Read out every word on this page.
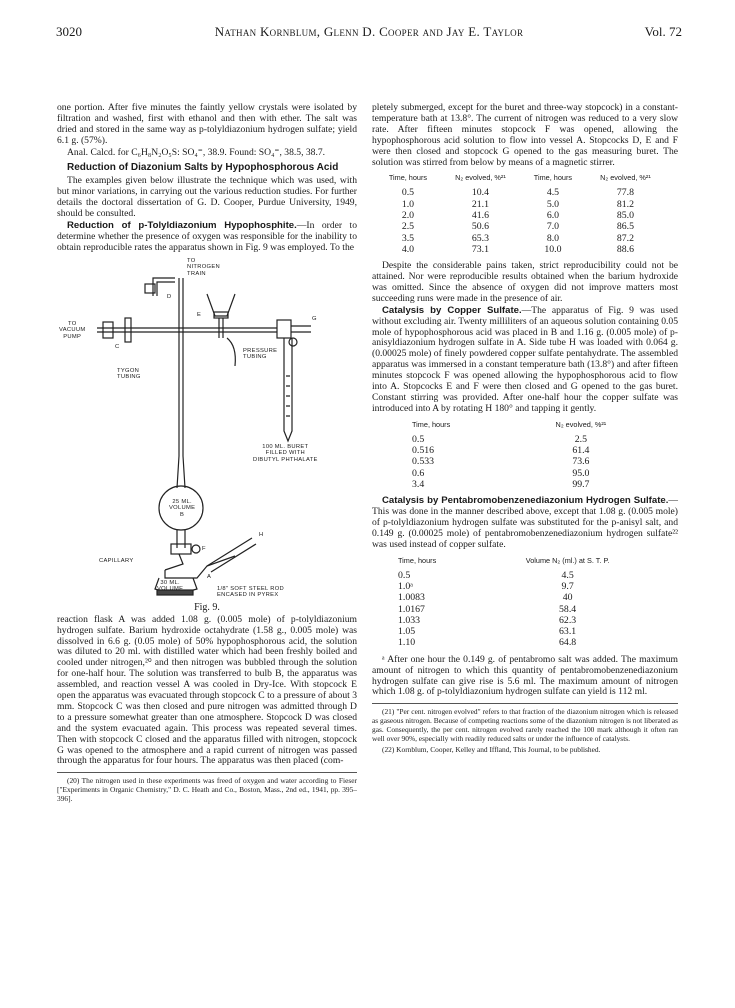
3020	Nathan Kornblum, Glenn D. Cooper and Jay E. Taylor	Vol. 72

one portion. After five minutes the faintly yellow crystals were isolated by filtration and washed, first with ethanol and then with ether. The salt was dried and stored in the same way as p-tolyldiazonium hydrogen sulfate; yield 6.1 g. (57%).

Anal. Calcd. for C₆H₈N₂O₅S: SO₄⁼, 38.9. Found: SO₄⁼, 38.5, 38.7.

Reduction of Diazonium Salts by Hypophosphorous Acid

The examples given below illustrate the technique which was used, with but minor variations, in carrying out the various reduction studies. For further details the doctoral dissertation of G. D. Cooper, Purdue University, 1949, should be consulted.

Reduction of p-Tolyldiazonium Hypophosphite.—In order to determine whether the presence of oxygen was responsible for the inability to obtain reproducible rates the apparatus shown in Fig. 9 was employed. To the

TO
NITROGEN
TRAIN
D
E
G
TO
VACUUM
PUMP
C
PRESSURE
TUBING
TYGON
TUBING
100 ML. BURET
FILLED WITH
DIBUTYL PHTHALATE
25 ML.
VOLUME
B
F
CAPILLARY
H
A
30 ML.
VOLUME	1/8" SOFT STEEL ROD
ENCASED IN PYREX

Fig. 9.

reaction flask A was added 1.08 g. (0.005 mole) of p-tolyldiazonium hydrogen sulfate. Barium hydroxide octahydrate (1.58 g., 0.005 mole) was dissolved in 6.6 g. (0.05 mole) of 50% hypophosphorous acid, the solution was diluted to 20 ml. with distilled water which had been freshly boiled and cooled under nitrogen,²⁰ and then nitrogen was bubbled through the solution for one-half hour. The solution was transferred to bulb B, the apparatus was assembled, and reaction vessel A was cooled in Dry-Ice. With stopcock E open the apparatus was evacuated through stopcock C to a pressure of about 3 mm. Stopcock C was then closed and pure nitrogen was admitted through D to a pressure somewhat greater than one atmosphere. Stopcock D was closed and the system evacuated again. This process was repeated several times. Then with stopcock C closed and the apparatus filled with nitrogen, stopcock G was opened to the atmosphere and a rapid current of nitrogen was passed through the apparatus for four hours. The apparatus was then placed (com-

(20) The nitrogen used in these experiments was freed of oxygen and water according to Fieser ["Experiments in Organic Chemistry," D. C. Heath and Co., Boston, Mass., 2nd ed., 1941, pp. 395–396].

pletely submerged, except for the buret and three-way stopcock) in a constant-temperature bath at 13.8°. The current of nitrogen was reduced to a very slow rate. After fifteen minutes stopcock F was opened, allowing the hypophosphorous acid solution to flow into vessel A. Stopcocks D, E and F were then closed and stopcock G opened to the gas measuring buret. The solution was stirred from below by means of a magnetic stirrer.

Time, hours	N₂ evolved, %²¹	Time, hours	N₂ evolved, %²¹
0.5	10.4	4.5	77.8
1.0	21.1	5.0	81.2
2.0	41.6	6.0	85.0
2.5	50.6	7.0	86.5
3.5	65.3	8.0	87.2
4.0	73.1	10.0	88.6

Despite the considerable pains taken, strict reproducibility could not be attained. Nor were reproducible results obtained when the barium hydroxide was omitted. Since the absence of oxygen did not improve matters most succeeding runs were made in the presence of air.

Catalysis by Copper Sulfate.—The apparatus of Fig. 9 was used without excluding air. Twenty milliliters of an aqueous solution containing 0.05 mole of hypophosphorous acid was placed in B and 1.16 g. (0.005 mole) of p-anisyldiazonium hydrogen sulfate in A. Side tube H was loaded with 0.064 g. (0.00025 mole) of finely powdered copper sulfate pentahydrate. The assembled apparatus was immersed in a constant temperature bath (13.8°) and after fifteen minutes stopcock F was opened allowing the hypophosphorous acid to flow into A. Stopcocks E and F were then closed and G opened to the gas buret. Constant stirring was provided. After one-half hour the copper sulfate was introduced into A by rotating H 180° and tapping it gently.

Time, hours	N₂ evolved, %²¹
0.5	2.5
0.516	61.4
0.533	73.6
0.6	95.0
3.4	99.7

Catalysis by Pentabromobenzenediazonium Hydrogen Sulfate.—This was done in the manner described above, except that 1.08 g. (0.005 mole) of p-tolyldiazonium hydrogen sulfate was substituted for the p-anisyl salt, and 0.149 g. (0.00025 mole) of pentabromobenzenediazonium hydrogen sulfate²² was used instead of copper sulfate.

Time, hours	Volume N₂ (ml.) at S. T. P.
0.5	4.5
1.0ᵃ	9.7
1.0083	40
1.0167	58.4
1.033	62.3
1.05	63.1
1.10	64.8

ᵃ After one hour the 0.149 g. of pentabromo salt was added. The maximum amount of nitrogen to which this quantity of pentabromobenzenediazonium hydrogen sulfate can give rise is 5.6 ml. The maximum amount of nitrogen which 1.08 g. of p-tolyldiazonium hydrogen sulfate can yield is 112 ml.

(21) "Per cent. nitrogen evolved" refers to that fraction of the diazonium nitrogen which is released as gaseous nitrogen. Because of competing reactions some of the diazonium nitrogen is not liberated as gas. Consequently, the per cent. nitrogen evolved rarely reached the 100 mark although it often ran well over 90%, especially with readily reduced salts or under the influence of catalysts.

(22) Kornblum, Cooper, Kelley and Iffland, This Journal, to be published.
